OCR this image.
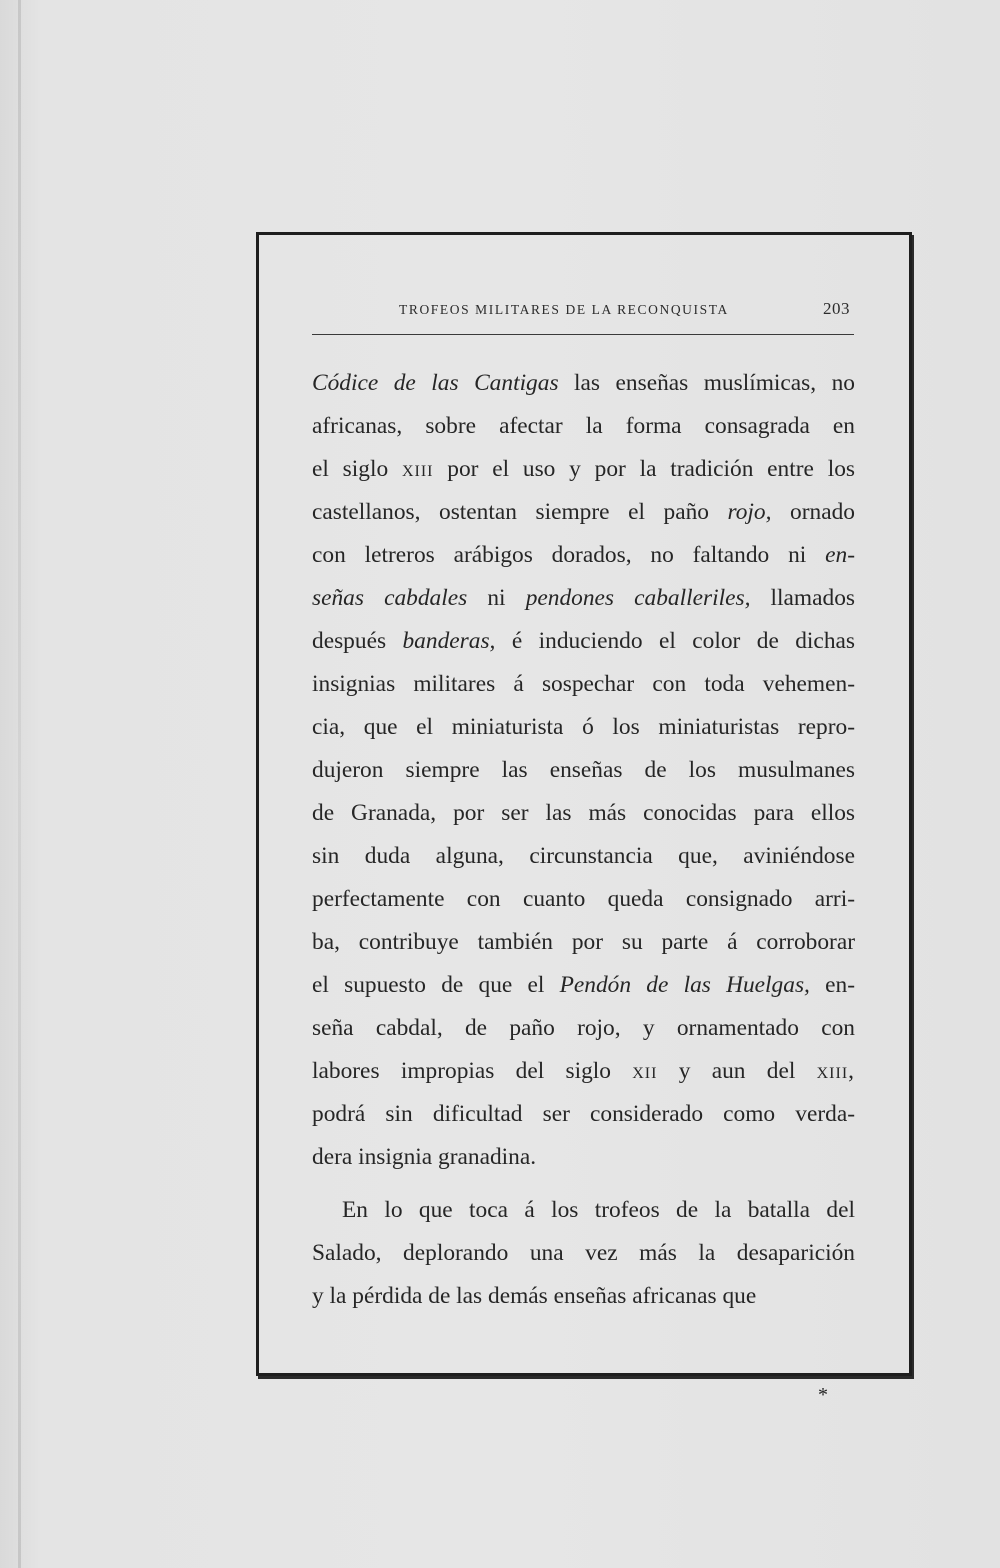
TROFEOS MILITARES DE LA RECONQUISTA	203
Códice de las Cantigas las enseñas muslímicas, no
africanas, sobre afectar la forma consagrada en
el siglo xiii por el uso y por la tradición entre los
castellanos, ostentan siempre el paño rojo, ornado
con letreros arábigos dorados, no faltando ni en-
señas cabdales ni pendones caballeriles, llamados
después banderas, é induciendo el color de dichas
insignias militares á sospechar con toda vehemen-
cia, que el miniaturista ó los miniaturistas repro-
dujeron siempre las enseñas de los musulmanes
de Granada, por ser las más conocidas para ellos
sin duda alguna, circunstancia que, aviniéndose
perfectamente con cuanto queda consignado arri-
ba, contribuye también por su parte á corroborar
el supuesto de que el Pendón de las Huelgas, en-
seña cabdal, de paño rojo, y ornamentado con
labores impropias del siglo xii y aun del xiii,
podrá sin dificultad ser considerado como verda-
dera insignia granadina.
En lo que toca á los trofeos de la batalla del
Salado, deplorando una vez más la desaparición
y la pérdida de las demás enseñas africanas que
*
